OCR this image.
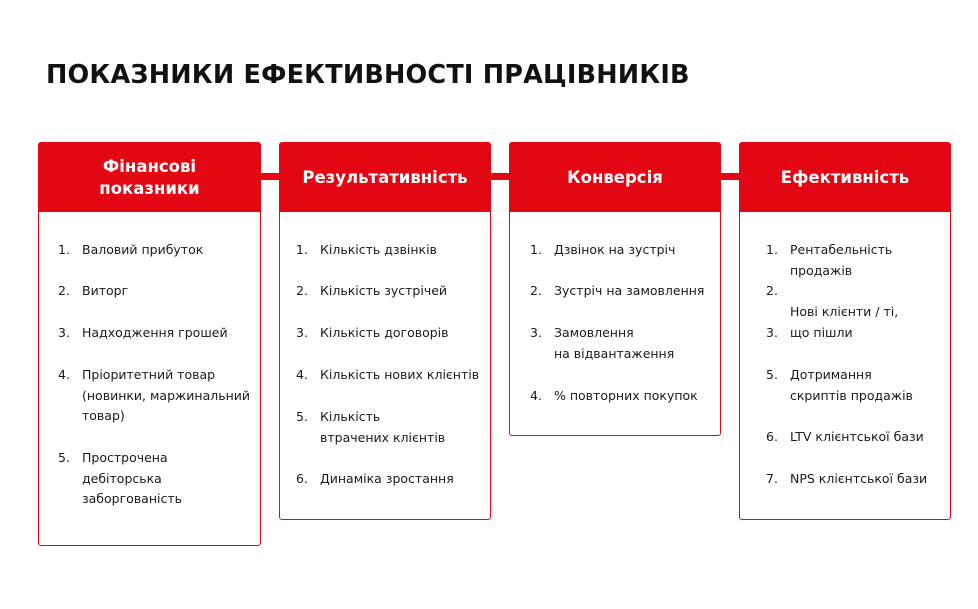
ПОКАЗНИКИ ЕФЕКТИВНОСТІ ПРАЦІВНИКІВ
Фінансові показники
1. Валовий прибуток
2. Виторг
3. Надходження грошей
4. Пріоритетний товар (новинки, маржинальний товар)
5. Прострочена дебіторська заборгованість
Результативність
1. Кількість дзвінків
2. Кількість зустрічей
3. Кількість договорів
4. Кількість нових клієнтів
5. Кількість
втрачених клієнтів
6. Динаміка зростання
Конверсія
1. Дзвінок на зустріч
2. Зустріч на замовлення
3. Замовлення
на відвантаження
4. % повторних покупок
Ефективність
1. Рентабельність
продажів
2.
Нові клієнти / ті,
3. що пішли
5. Дотримання
скриптів продажів
6. LTV клієнтської бази
7. NPS клієнтської бази
